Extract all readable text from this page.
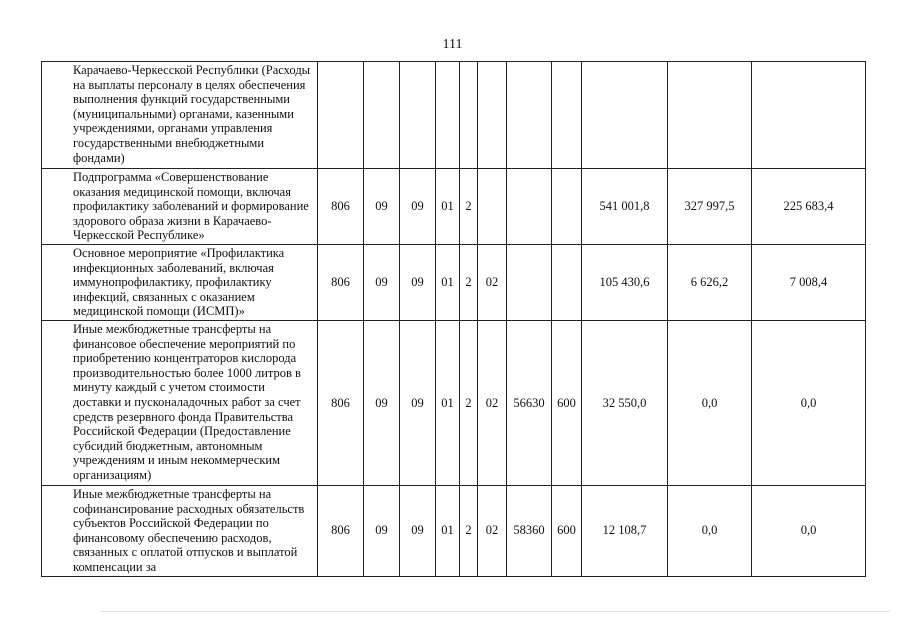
111
Карачаево-Черкесской Республики (Расходы на выплаты персоналу в целях обеспечения выполнения функций государственными (муниципальными) органами, казенными учреждениями, органами управления государственными внебюджетными фондами)											
Подпрограмма «Совершенствование оказания медицинской помощи, включая профилактику заболеваний и формирование здорового образа жизни в Карачаево-Черкесской Республике»	806	09	09	01	2				541 001,8	327 997,5	225 683,4
Основное мероприятие «Профилактика инфекционных заболеваний, включая иммунопрофилактику, профилактику инфекций, связанных с оказанием медицинской помощи (ИСМП)»	806	09	09	01	2	02			105 430,6	6 626,2	7 008,4
Иные межбюджетные трансферты на финансовое обеспечение мероприятий по приобретению концентраторов кислорода производительностью более 1000 литров в минуту каждый с учетом стоимости доставки и пусконаладочных работ за счет средств резервного фонда Правительства Российской Федерации (Предоставление субсидий бюджетным, автономным учреждениям и иным некоммерческим организациям)	806	09	09	01	2	02	56630	600	32 550,0	0,0	0,0
Иные межбюджетные трансферты на софинансирование расходных обязательств субъектов Российской Федерации по финансовому обеспечению расходов, связанных с оплатой отпусков и выплатой компенсации за	806	09	09	01	2	02	58360	600	12 108,7	0,0	0,0
